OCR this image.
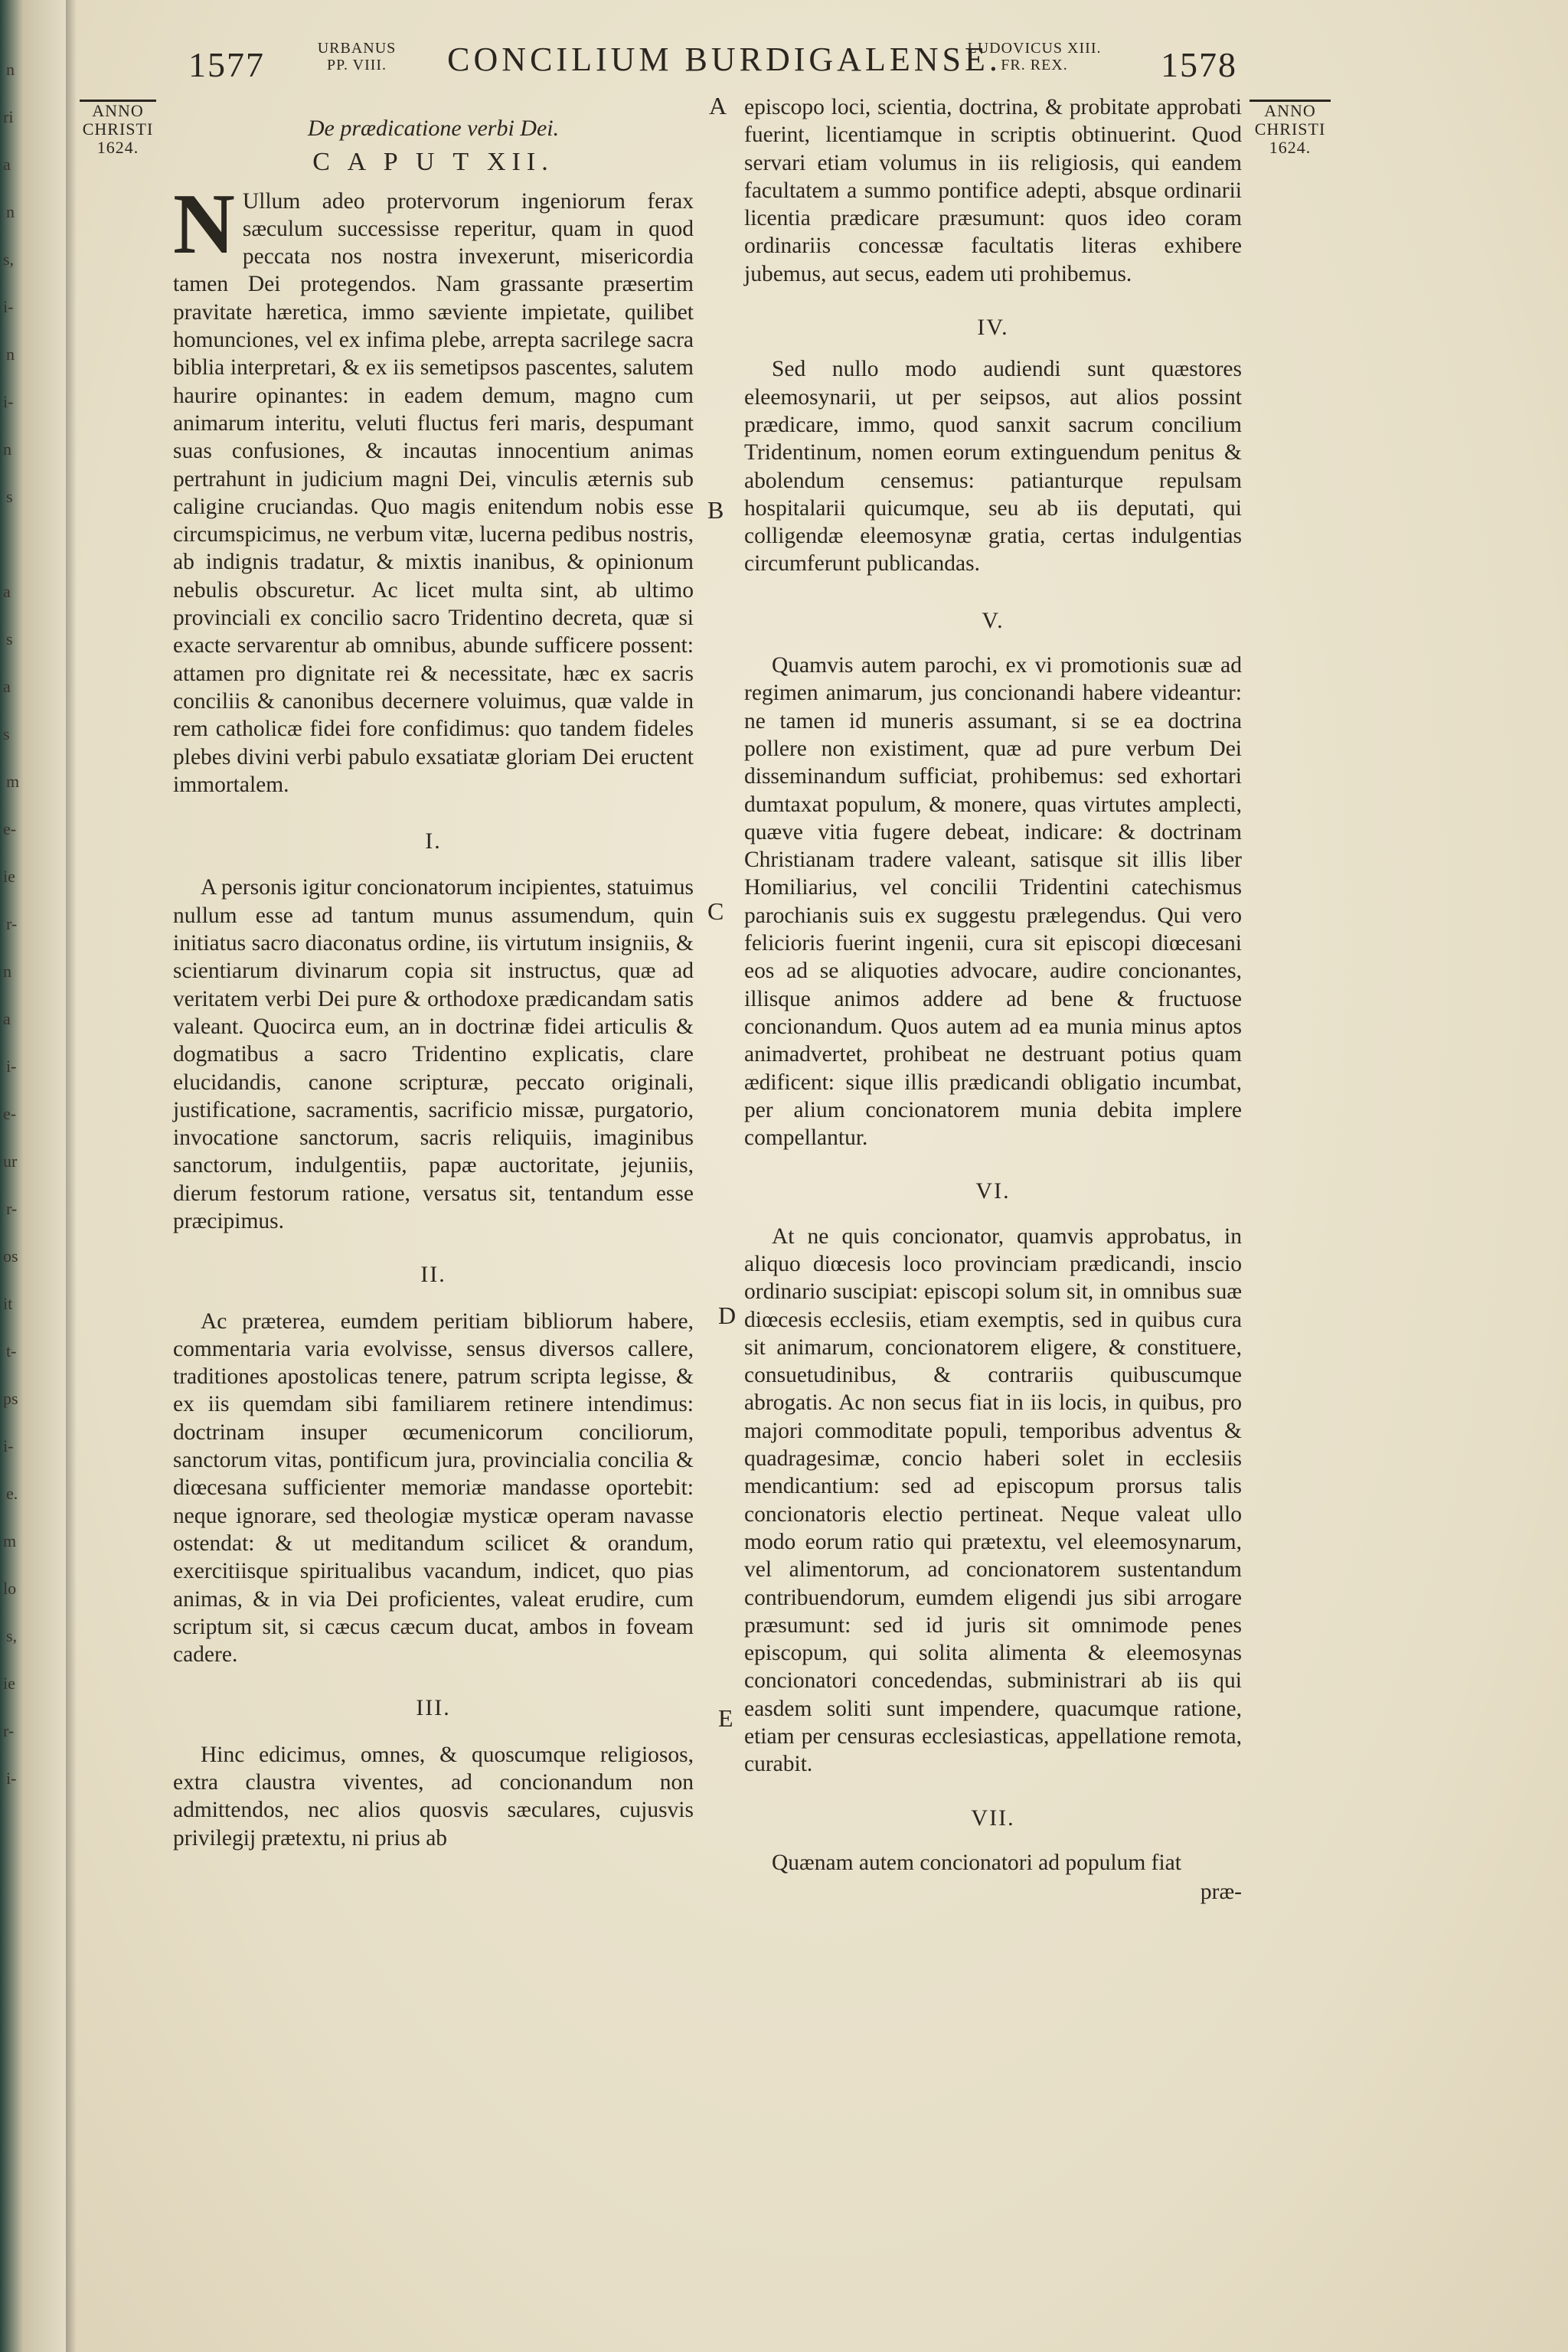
n
ri
a
n
s,
i-
n
i-
n
s
a
s
a
s
m
e-
ie
r-
n
a
i-
e-
ur
r-
os
it
t-
ps
i-
e.
m
lo
s,
ie
r-
i-
1577	URBANUS
PP. VIII.	CONCILIUM BURDIGALENSE.
LUDOVICUS XIII.
FR. REX.	1578
ANNO
CHRISTI
1624.
ANNO
CHRISTI
1624.
A
B
C
D
E

De prædicatione verbi Dei.

C A P U T XII.

N Ullum adeo protervorum ingeniorum ferax sæculum successisse reperitur, quam in quod peccata nos nostra invexerunt, misericordia tamen Dei protegendos. Nam grassante præsertim pravitate hæretica, immo sæviente impietate, quilibet homunciones, vel ex infima plebe, arrepta sacrilege sacra biblia interpretari, & ex iis semetipsos pascentes, salutem haurire opinantes: in eadem demum, magno cum animarum interitu, veluti fluctus feri maris, despumant suas confusiones, & incautas innocentium animas pertrahunt in judicium magni Dei, vinculis æternis sub caligine cruciandas. Quo magis enitendum nobis esse circumspicimus, ne verbum vitæ, lucerna pedibus nostris, ab indignis tradatur, & mixtis inanibus, & opinionum nebulis obscuretur. Ac licet multa sint, ab ultimo provinciali ex concilio sacro Tridentino decreta, quæ si exacte servarentur ab omnibus, abunde sufficere possent: attamen pro dignitate rei & necessitate, hæc ex sacris conciliis & canonibus decernere voluimus, quæ valde in rem catholicæ fidei fore confidimus: quo tandem fideles plebes divini verbi pabulo exsatiatæ gloriam Dei eructent immortalem.

I.

A personis igitur concionatorum incipientes, statuimus nullum esse ad tantum munus assumendum, quin initiatus sacro diaconatus ordine, iis virtutum insigniis, & scientiarum divinarum copia sit instructus, quæ ad veritatem verbi Dei pure & orthodoxe prædicandam satis valeant. Quocirca eum, an in doctrinæ fidei articulis & dogmatibus a sacro Tridentino explicatis, clare elucidandis, canone scripturæ, peccato originali, justificatione, sacramentis, sacrificio missæ, purgatorio, invocatione sanctorum, sacris reliquiis, imaginibus sanctorum, indulgentiis, papæ auctoritate, jejuniis, dierum festorum ratione, versatus sit, tentandum esse præcipimus.

II.

Ac præterea, eumdem peritiam bibliorum habere, commentaria varia evolvisse, sensus diversos callere, traditiones apostolicas tenere, patrum scripta legisse, & ex iis quemdam sibi familiarem retinere intendimus: doctrinam insuper œcumenicorum conciliorum, sanctorum vitas, pontificum jura, provincialia concilia & diœcesana sufficienter memoriæ mandasse oportebit: neque ignorare, sed theologiæ mysticæ operam navasse ostendat: & ut meditandum scilicet & orandum, exercitiisque spiritualibus vacandum, indicet, quo pias animas, & in via Dei proficientes, valeat erudire, cum scriptum sit, si cæcus cæcum ducat, ambos in foveam cadere.

III.

Hinc edicimus, omnes, & quoscumque religiosos, extra claustra viventes, ad concionandum non admittendos, nec alios quosvis sæculares, cujusvis privilegij prætextu, ni prius ab

episcopo loci, scientia, doctrina, & probitate approbati fuerint, licentiamque in scriptis obtinuerint. Quod servari etiam volumus in iis religiosis, qui eandem facultatem a summo pontifice adepti, absque ordinarii licentia prædicare præsumunt: quos ideo coram ordinariis concessæ facultatis literas exhibere jubemus, aut secus, eadem uti prohibemus.

IV.

Sed nullo modo audiendi sunt quæstores eleemosynarii, ut per seipsos, aut alios possint prædicare, immo, quod sanxit sacrum concilium Tridentinum, nomen eorum extinguendum penitus & abolendum censemus: patianturque repulsam hospitalarii quicumque, seu ab iis deputati, qui colligendæ eleemosynæ gratia, certas indulgentias circumferunt publicandas.

V.

Quamvis autem parochi, ex vi promotionis suæ ad regimen animarum, jus concionandi habere videantur: ne tamen id muneris assumant, si se ea doctrina pollere non existiment, quæ ad pure verbum Dei disseminandum sufficiat, prohibemus: sed exhortari dumtaxat populum, & monere, quas virtutes amplecti, quæve vitia fugere debeat, indicare: & doctrinam Christianam tradere valeant, satisque sit illis liber Homiliarius, vel concilii Tridentini catechismus parochianis suis ex suggestu prælegendus. Qui vero felicioris fuerint ingenii, cura sit episcopi diœcesani eos ad se aliquoties advocare, audire concionantes, illisque animos addere ad bene & fructuose concionandum. Quos autem ad ea munia minus aptos animadvertet, prohibeat ne destruant potius quam ædificent: sique illis prædicandi obligatio incumbat, per alium concionatorem munia debita implere compellantur.

VI.

At ne quis concionator, quamvis approbatus, in aliquo diœcesis loco provinciam prædicandi, inscio ordinario suscipiat: episcopi solum sit, in omnibus suæ diœcesis ecclesiis, etiam exemptis, sed in quibus cura sit animarum, concionatorem eligere, & constituere, consuetudinibus, & contrariis quibuscumque abrogatis. Ac non secus fiat in iis locis, in quibus, pro majori commoditate populi, temporibus adventus & quadragesimæ, concio haberi solet in ecclesiis mendicantium: sed ad episcopum prorsus talis concionatoris electio pertineat. Neque valeat ullo modo eorum ratio qui prætextu, vel eleemosynarum, vel alimentorum, ad concionatorem sustentandum contribuendorum, eumdem eligendi jus sibi arrogare præsumunt: sed id juris sit omnimode penes episcopum, qui solita alimenta & eleemosynas concionatori concedendas, subministrari ab iis qui easdem soliti sunt impendere, quacumque ratione, etiam per censuras ecclesiasticas, appellatione remota, curabit.

VII.

Quænam autem concionatori ad populum fiat

præ-
